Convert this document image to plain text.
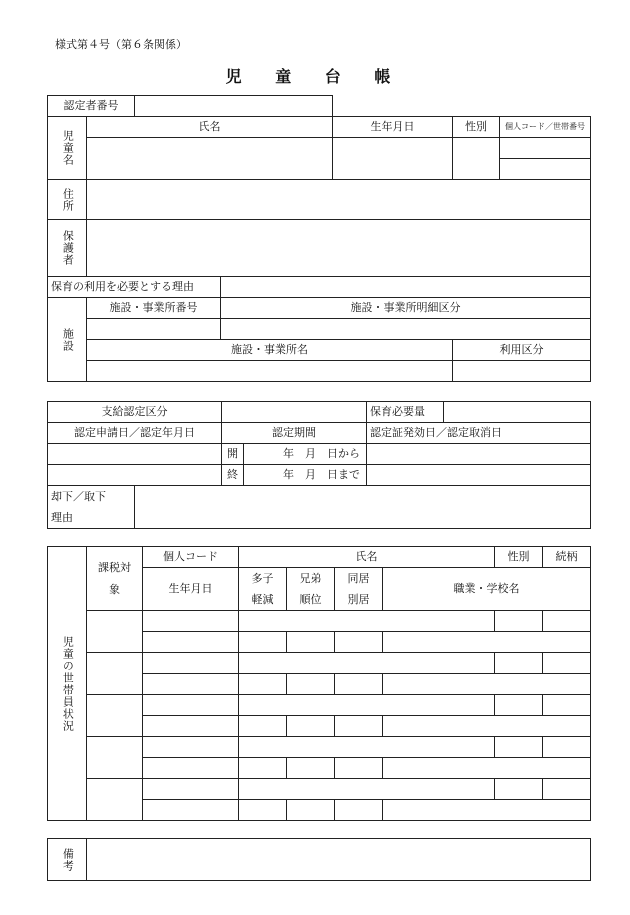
様式第４号（第６条関係）
児 童 台 帳
認定者番号						

児童名	氏名			生年月日	性別	個人コード／世帯番号

住所						

保護者						

保育の利用を必要とする理由						

施設	施設・事業所番号		施設・事業所明細区分			

	施設・事業所名				利用区分	

支給認定区分				保育必要量	
認定申請日／認定年月日		認定期間		認定証発効日／認定取消日	
		開	年　月　日から		
		終	年　月　日まで		
却下／取下理由					
児童の世帯員状況	課税対象	個人コード	氏名				性別	続柄
		生年月日	多子軽減	兄弟順位	同居別居	職業・学校名		

備考
